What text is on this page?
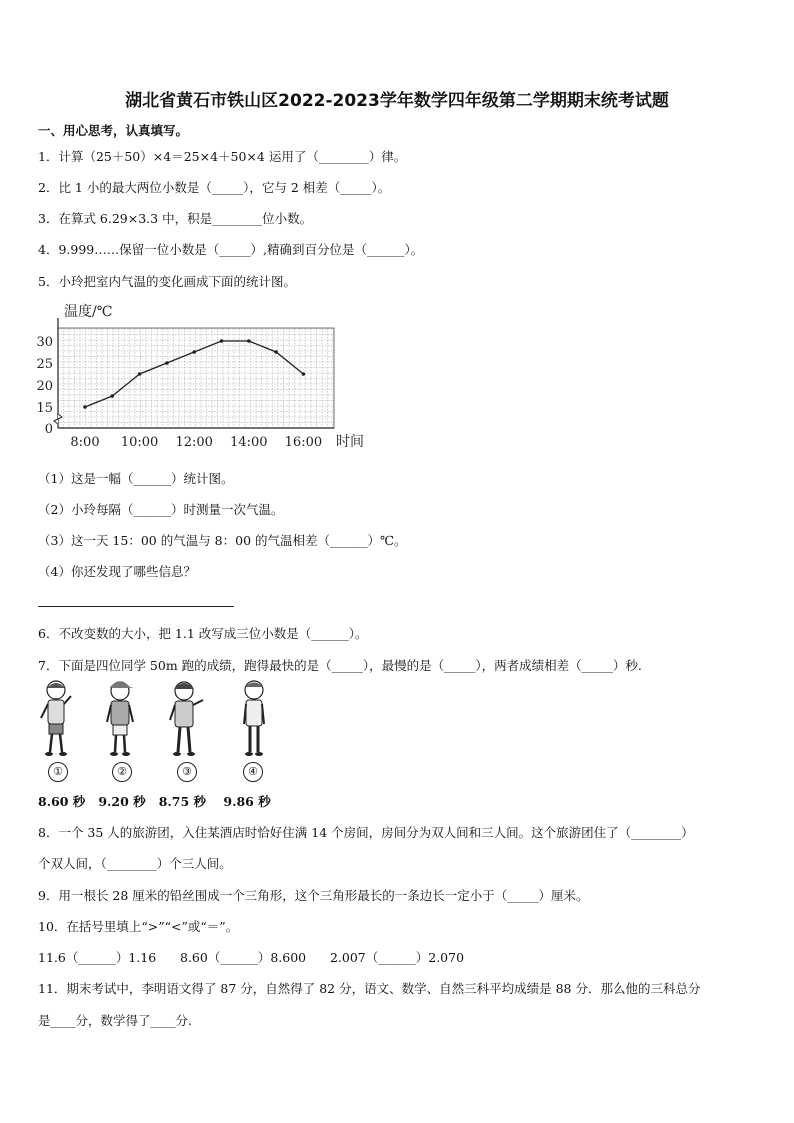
湖北省黄石市铁山区2022-2023学年数学四年级第二学期期末统考试题
一、用心思考，认真填写。
1．计算（25＋50）×4＝25×4＋50×4 运用了（________）律。
2．比 1 小的最大两位小数是（_____），它与 2 相差（_____）。
3．在算式 6.29×3.3 中，积是________位小数。
4．9.999……保留一位小数是（_____）,精确到百分位是（______）。
5．小玲把室内气温的变化画成下面的统计图。
温度/℃
0
15
20
25
30
8:00 10:00 12:00 14:00 16:00 时间
（1）这是一幅（______）统计图。
（2）小玲每隔（______）时测量一次气温。
（3）这一天 15：00 的气温与 8：00 的气温相差（______）℃。
（4）你还发现了哪些信息？
6．不改变数的大小，把 1.1 改写成三位小数是（______）。
7．下面是四位同学 50m 跑的成绩，跑得最快的是（_____），最慢的是（_____），两者成绩相差（_____）秒.
①	②	③	④
8.60 秒   9.20 秒   8.75 秒    9.86 秒
8．一个 35 人的旅游团，入住某酒店时恰好住满 14 个房间，房间分为双人间和三人间。这个旅游团住了（________）
个双人间，（________）个三人间。
9．用一根长 28 厘米的铅丝围成一个三角形，这个三角形最长的一条边长一定小于（_____）厘米。
10．在括号里填上“>”“<”或“＝”。
11.6（______）1.16      8.60（______）8.600      2.007（______）2.070
11．期末考试中，李明语文得了 87 分，自然得了 82 分，语文、数学、自然三科平均成绩是 88 分．那么他的三科总分
是____分，数学得了____分.
